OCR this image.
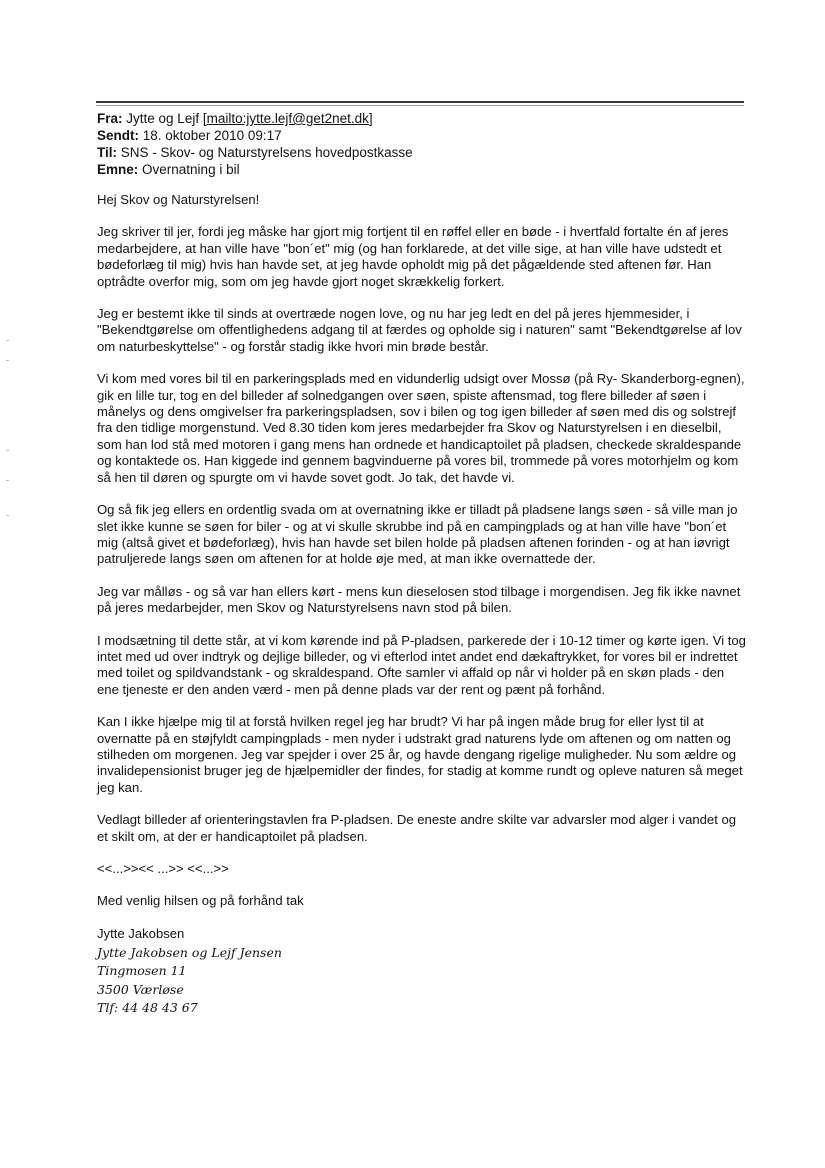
Fra: Jytte og Lejf [mailto:jytte.lejf@get2net.dk]
Sendt: 18. oktober 2010 09:17
Til: SNS - Skov- og Naturstyrelsens hovedpostkasse
Emne: Overnatning i bil

Hej Skov og Naturstyrelsen!

Jeg skriver til jer, fordi jeg måske har gjort mig fortjent til en røffel eller en bøde - i hvertfald fortalte én af jeres medarbejdere, at han ville have "bon´et" mig (og han forklarede, at det ville sige, at han ville have udstedt et bødeforlæg til mig) hvis han havde set, at jeg havde opholdt mig på det pågældende sted aftenen før. Han optrådte overfor mig, som om jeg havde gjort noget skrækkelig forkert.

Jeg er bestemt ikke til sinds at overtræde nogen love, og nu har jeg ledt en del på jeres hjemmesider, i "Bekendtgørelse om offentlighedens adgang til at færdes og opholde sig i naturen" samt "Bekendtgørelse af lov om naturbeskyttelse" - og forstår stadig ikke hvori min brøde består.

Vi kom med vores bil til en parkeringsplads med en vidunderlig udsigt over Mossø (på Ry- Skanderborg-egnen), gik en lille tur, tog en del billeder af solnedgangen over søen, spiste aftensmad, tog flere billeder af søen i månelys og dens omgivelser fra parkeringspladsen, sov i bilen og tog igen billeder af søen med dis og solstrejf fra den tidlige morgenstund. Ved 8.30 tiden kom jeres medarbejder fra Skov og Naturstyrelsen i en dieselbil, som han lod stå med motoren i gang mens han ordnede et handicaptoilet på pladsen, checkede skraldespande og kontaktede os. Han kiggede ind gennem bagvinduerne på vores bil, trommede på vores motorhjelm og kom så hen til døren og spurgte om vi havde sovet godt. Jo tak, det havde vi.

Og så fik jeg ellers en ordentlig svada om at overnatning ikke er tilladt på pladsene langs søen - så ville man jo slet ikke kunne se søen for biler - og at vi skulle skrubbe ind på en campingplads og at han ville have "bon´et mig (altså givet et bødeforlæg), hvis han havde set bilen holde på pladsen aftenen forinden - og at han iøvrigt patruljerede langs søen om aftenen for at holde øje med, at man ikke overnattede der.

Jeg var målløs - og så var han ellers kørt - mens kun dieselosen stod tilbage i morgendisen. Jeg fik ikke navnet på jeres medarbejder, men Skov og Naturstyrelsens navn stod på bilen.

I modsætning til dette står, at vi kom kørende ind på P-pladsen, parkerede der i 10-12 timer og kørte igen. Vi tog intet med ud over indtryk og dejlige billeder, og vi efterlod intet andet end dækaftrykket, for vores bil er indrettet med toilet og spildvandstank - og skraldespand. Ofte samler vi affald op når vi holder på en skøn plads - den ene tjeneste er den anden værd - men på denne plads var der rent og pænt på forhånd.

Kan I ikke hjælpe mig til at forstå hvilken regel jeg har brudt? Vi har på ingen måde brug for eller lyst til at overnatte på en støjfyldt campingplads - men nyder i udstrakt grad naturens lyde om aftenen og om natten og stilheden om morgenen. Jeg var spejder i over 25 år, og havde dengang rigelige muligheder. Nu som ældre og invalidepensionist bruger jeg de hjælpemidler der findes, for stadig at komme rundt og opleve naturen så meget jeg kan.

Vedlagt billeder af orienteringstavlen fra P-pladsen. De eneste andre skilte var advarsler mod alger i vandet og et skilt om, at der er handicaptoilet på pladsen.

<<...>><< ...>> <<...>>

Med venlig hilsen og på forhånd tak

Jytte Jakobsen

Jytte Jakobsen og Lejf Jensen
Tingmosen 11
3500 Værløse
Tlf: 44 48 43 67
